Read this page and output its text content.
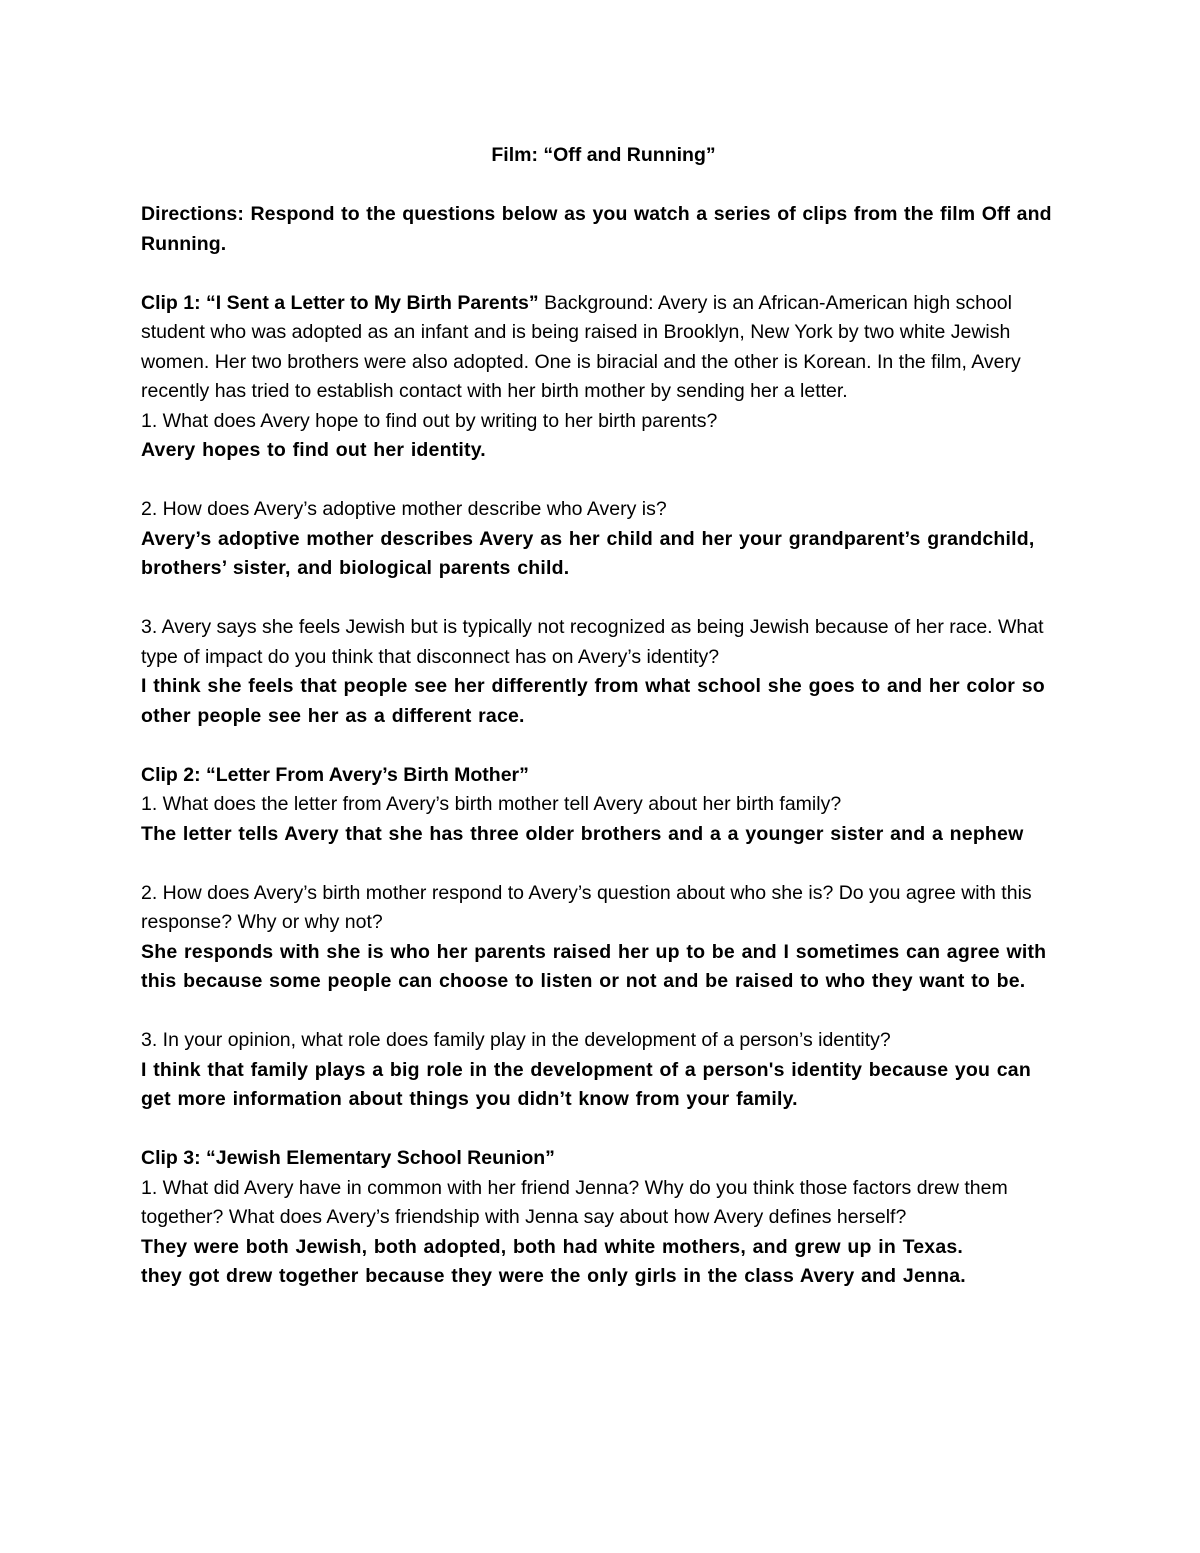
Film: “Off and Running”

Directions: Respond to the questions below as you watch a series of clips from the film Off and Running.

Clip 1: “I Sent a Letter to My Birth Parents” Background: Avery is an African-American high school student who was adopted as an infant and is being raised in Brooklyn, New York by two white Jewish women. Her two brothers were also adopted. One is biracial and the other is Korean. In the film, Avery recently has tried to establish contact with her birth mother by sending her a letter.

1. What does Avery hope to find out by writing to her birth parents?

Avery hopes to find out her identity.

2. How does Avery’s adoptive mother describe who Avery is?

Avery’s adoptive mother describes Avery as her child and her your grandparent’s grandchild, brothers’ sister, and biological parents child.

3. Avery says she feels Jewish but is typically not recognized as being Jewish because of her race. What type of impact do you think that disconnect has on Avery’s identity?

I think she feels that people see her differently from what school she goes to and her color so other people see her as a different race.

Clip 2: “Letter From Avery’s Birth Mother”

1. What does the letter from Avery’s birth mother tell Avery about her birth family?

The letter tells Avery that she has three older brothers and a a younger sister and a nephew

2. How does Avery’s birth mother respond to Avery’s question about who she is? Do you agree with this response? Why or why not?

She responds with she is who her parents raised her up to be and I sometimes can agree with this because some people can choose to listen or not and be raised to who they want to be.

3. In your opinion, what role does family play in the development of a person’s identity?

I think that family plays a big role in the development of a person's identity because you can get more information about things you didn’t know from your family.

Clip 3: “Jewish Elementary School Reunion”

1. What did Avery have in common with her friend Jenna? Why do you think those factors drew them together? What does Avery’s friendship with Jenna say about how Avery defines herself?

They were both Jewish, both adopted, both had white mothers, and grew up in Texas.

they got drew together because they were the only girls in the class Avery and Jenna.
